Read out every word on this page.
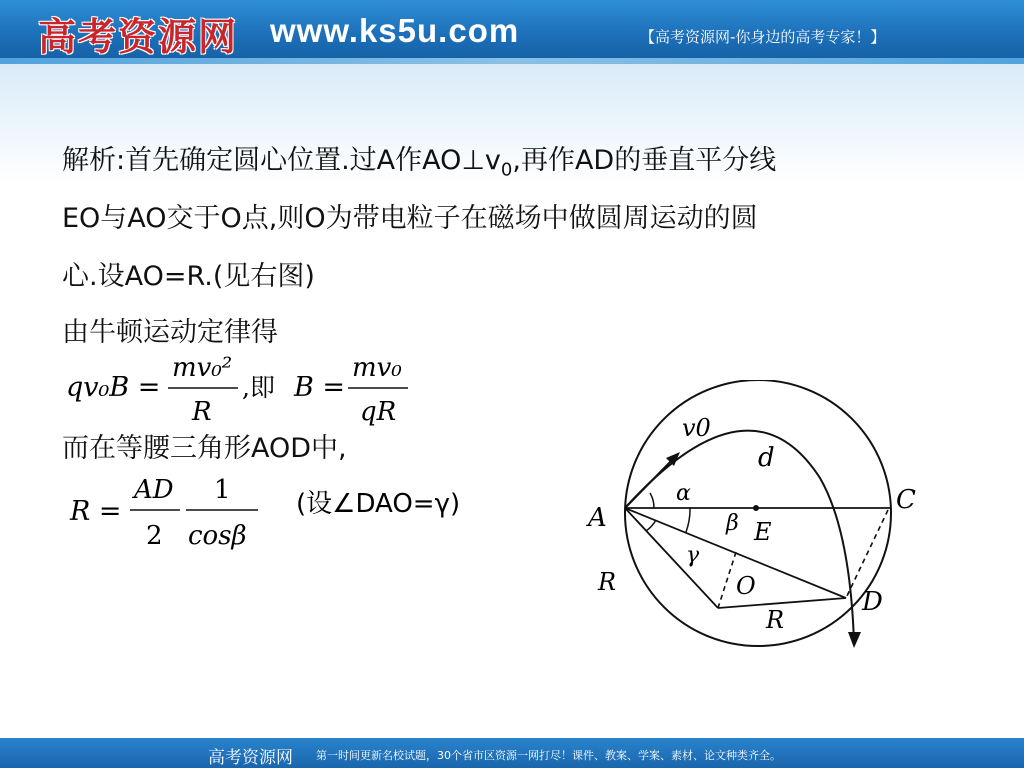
高考资源网 www.ks5u.com	【高考资源网-你身边的高考专家！】
解析:首先确定圆心位置.过A作$AO\perp v_0$,再作AD的垂直平分线
EO与AO交于O点,则O为带电粒子在磁场中做圆周运动的圆
心.设AO=R.(见右图)
由牛顿运动定律得
qv₀B =
mv₀²
R
,即 B =
mv₀
qR
而在等腰三角形AOD中,
R =
AD
2
1
cosβ
(设∠DAO=γ)	A
C
D
E
O
R
R
v0
d
α
β
γ
高考资源网 第一时间更新名校试题，30个省市区资源一网打尽！课件、教案、学案、素材、论文种类齐全。
